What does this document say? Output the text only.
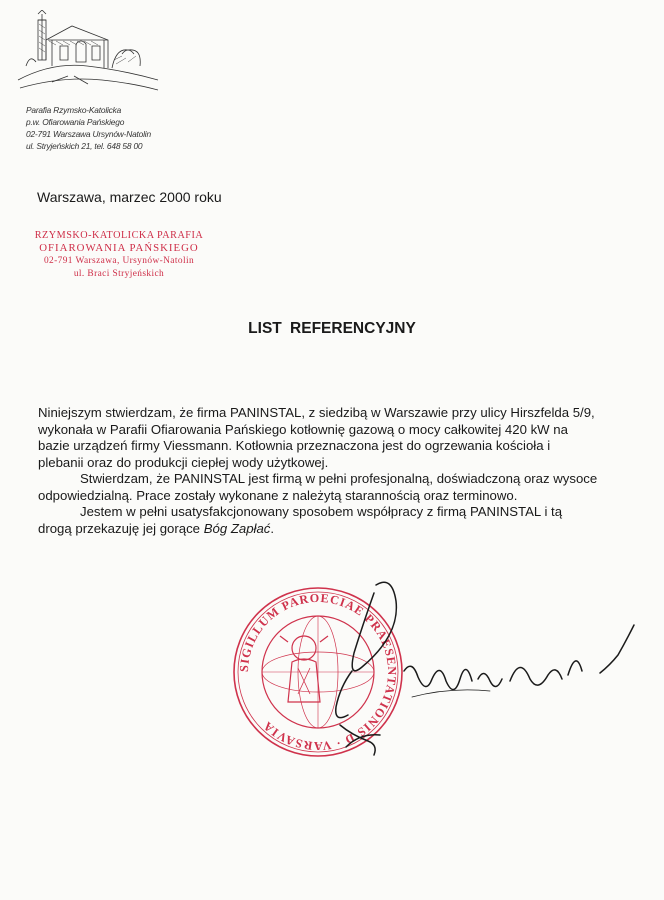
Parafia Rzymsko-Katolicka
p.w. Ofiarowania Pańskiego
02-791 Warszawa Ursynów-Natolin
ul. Stryjeńskich 21, tel. 648 58 00
Warszawa, marzec 2000 roku
RZYMSKO-KATOLICKA PARAFIA
OFIAROWANIA PAŃSKIEGO
02-791 Warszawa, Ursynów-Natolin
ul. Braci Stryjeńskich
LIST REFERENCYJNY

Niniejszym stwierdzam, że firma PANINSTAL, z siedzibą w Warszawie przy ulicy Hirszfelda 5/9, wykonała w Parafii Ofiarowania Pańskiego kotłownię gazową o mocy całkowitej 420 kW na bazie urządzeń firmy Viessmann. Kotłownia przeznaczona jest do ogrzewania kościoła i plebanii oraz do produkcji ciepłej wody użytkowej.

Stwierdzam, że PANINSTAL jest firmą w pełni profesjonalną, doświadczoną oraz wysoce odpowiedzialną. Prace zostały wykonane z należytą starannością oraz terminowo.

Jestem w pełni usatysfakcjonowany sposobem współpracy z firmą PANINSTAL i tą drogą przekazuję jej gorące Bóg Zapłać.

SIGILLUM PAROECIAE PRAESENTATIONIS D · VARSAVIA
